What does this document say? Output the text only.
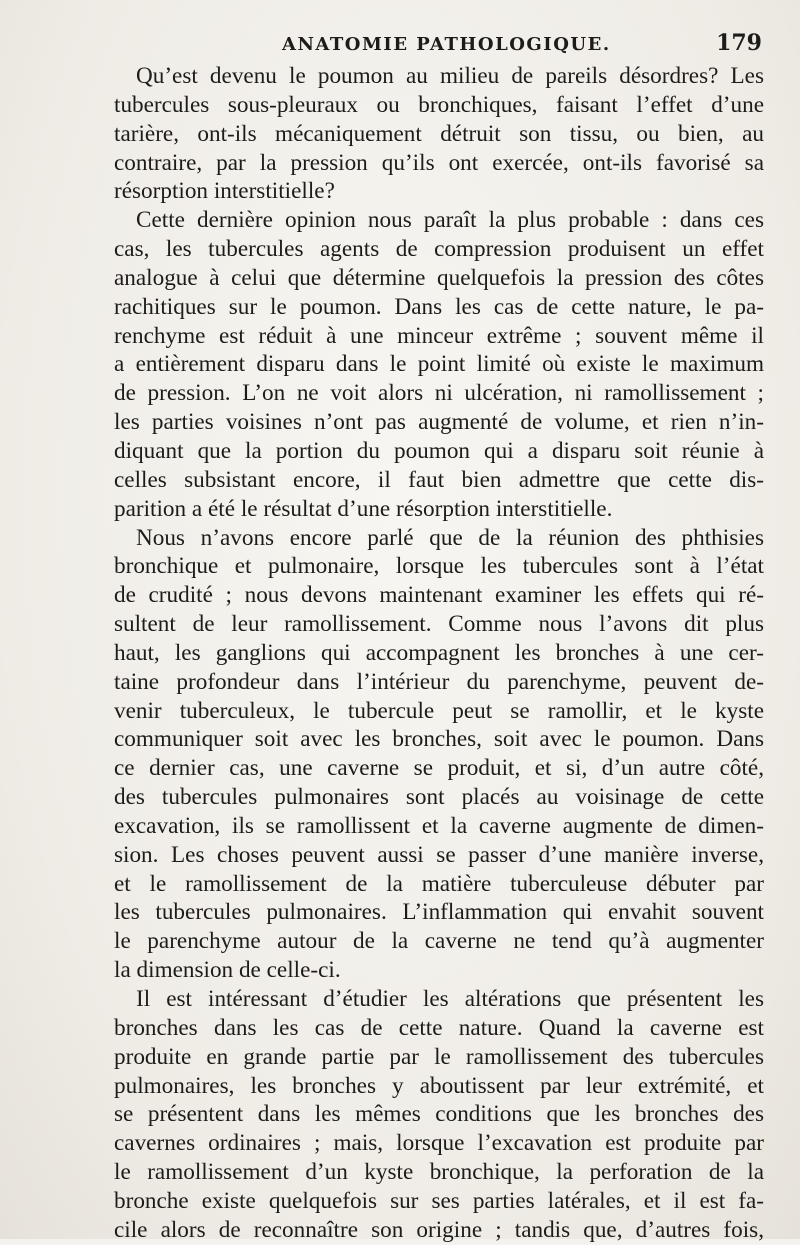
ANATOMIE PATHOLOGIQUE.	179
Qu’est devenu le poumon au milieu de pareils désordres? Les
tubercules sous-pleuraux ou bronchiques, faisant l’effet d’une
tarière, ont-ils mécaniquement détruit son tissu, ou bien, au
contraire, par la pression qu’ils ont exercée, ont-ils favorisé sa
résorption interstitielle?
Cette dernière opinion nous paraît la plus probable : dans ces
cas, les tubercules agents de compression produisent un effet
analogue à celui que détermine quelquefois la pression des côtes
rachitiques sur le poumon. Dans les cas de cette nature, le pa-
renchyme est réduit à une minceur extrême ; souvent même il
a entièrement disparu dans le point limité où existe le maximum
de pression. L’on ne voit alors ni ulcération, ni ramollissement ;
les parties voisines n’ont pas augmenté de volume, et rien n’in-
diquant que la portion du poumon qui a disparu soit réunie à
celles subsistant encore, il faut bien admettre que cette dis-
parition a été le résultat d’une résorption interstitielle.
Nous n’avons encore parlé que de la réunion des phthisies
bronchique et pulmonaire, lorsque les tubercules sont à l’état
de crudité ; nous devons maintenant examiner les effets qui ré-
sultent de leur ramollissement. Comme nous l’avons dit plus
haut, les ganglions qui accompagnent les bronches à une cer-
taine profondeur dans l’intérieur du parenchyme, peuvent de-
venir tuberculeux, le tubercule peut se ramollir, et le kyste
communiquer soit avec les bronches, soit avec le poumon. Dans
ce dernier cas, une caverne se produit, et si, d’un autre côté,
des tubercules pulmonaires sont placés au voisinage de cette
excavation, ils se ramollissent et la caverne augmente de dimen-
sion. Les choses peuvent aussi se passer d’une manière inverse,
et le ramollissement de la matière tuberculeuse débuter par
les tubercules pulmonaires. L’inflammation qui envahit souvent
le parenchyme autour de la caverne ne tend qu’à augmenter
la dimension de celle-ci.
Il est intéressant d’étudier les altérations que présentent les
bronches dans les cas de cette nature. Quand la caverne est
produite en grande partie par le ramollissement des tubercules
pulmonaires, les bronches y aboutissent par leur extrémité, et
se présentent dans les mêmes conditions que les bronches des
cavernes ordinaires ; mais, lorsque l’excavation est produite par
le ramollissement d’un kyste bronchique, la perforation de la
bronche existe quelquefois sur ses parties latérales, et il est fa-
cile alors de reconnaître son origine ; tandis que, d’autres fois,
